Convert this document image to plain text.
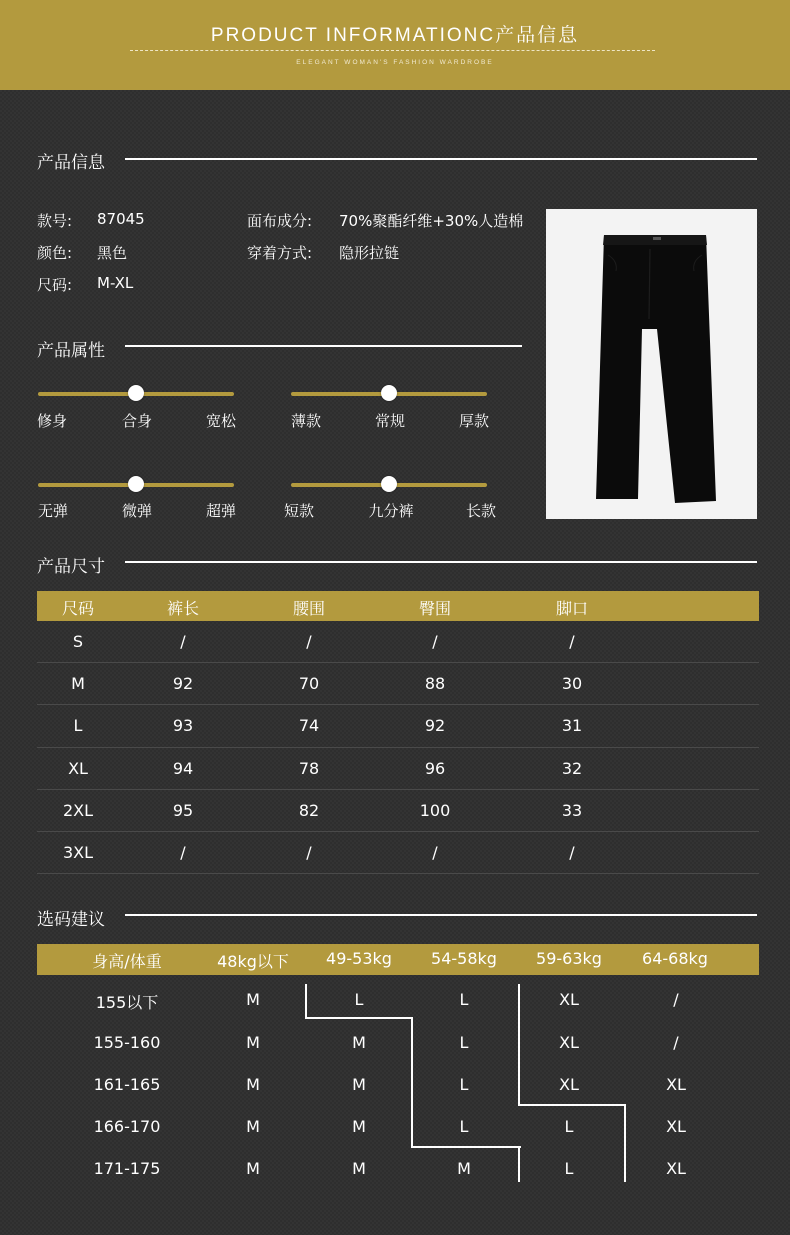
PRODUCT INFORMATIONC产品信息
ELEGANT WOMAN'S FASHION WARDROBE
产品信息
款号: 87045
颜色: 黑色
尺码: M-XL
面布成分: 70%聚酯纤维+30%人造棉
穿着方式: 隐形拉链
产品属性
修身	合身	宽松	薄款	常规	厚款
无弹	微弹	超弹	短款	九分裤	长款
产品尺寸
尺码	裤长	腰围	臀围	脚口
S	/	/	/	/
M	92	70	88	30
L	93	74	92	31
XL	94	78	96	32
2XL	95	82	100	33
3XL	/	/	/	/
选码建议
身高/体重	48kg以下	49-53kg	54-58kg	59-63kg	64-68kg
155以下	M	L	L	XL	/
155-160	M	M	L	XL	/
161-165	M	M	L	XL	XL
166-170	M	M	L	L	XL
171-175	M	M	M	L	XL
